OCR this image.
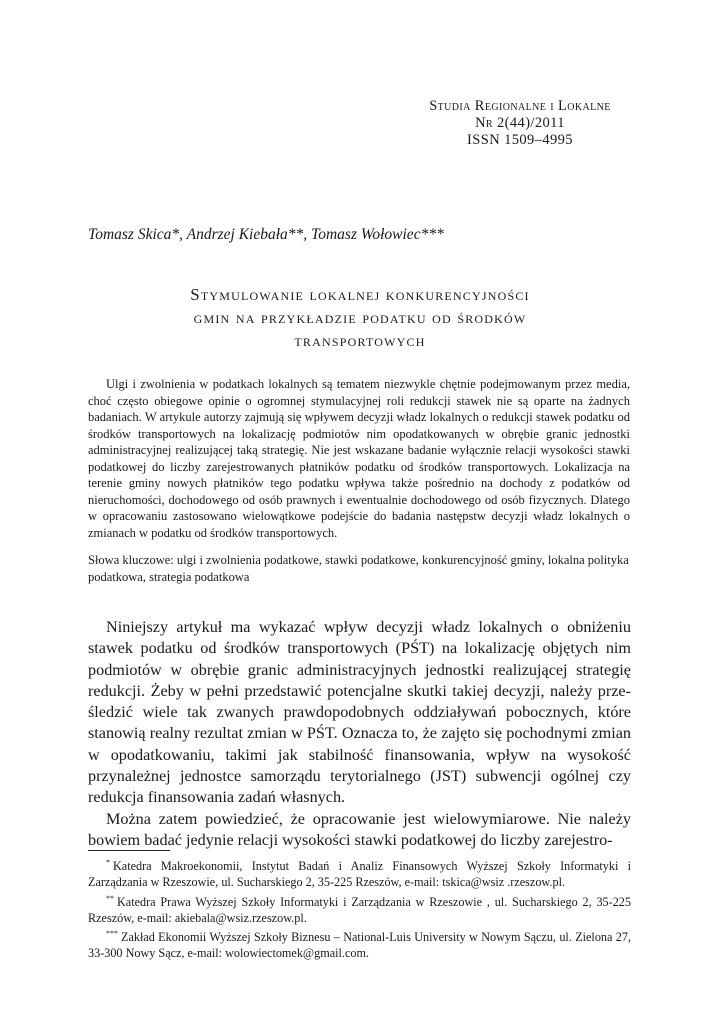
Studia Regionalne i Lokalne
Nr 2(44)/2011
ISSN 1509–4995
Tomasz Skica*, Andrzej Kiebała**, Tomasz Wołowiec***
Stymulowanie lokalnej konkurencyjności
gmin na przykładzie podatku od środków
transportowych

Ulgi i zwolnienia w podatkach lokalnych są tematem niezwykle chętnie podejmowanym przez media, choć często obiegowe opinie o ogromnej stymulacyjnej roli redukcji stawek nie są oparte na żadnych badaniach. W artykule autorzy zajmują się wpływem decyzji władz lokalnych o redukcji stawek podatku od środków transportowych na lokalizację podmiotów nim opodatkowanych w obrębie granic jednostki administracyjnej realizującej taką strategię. Nie jest wskazane badanie wyłącznie relacji wysokości stawki podatkowej do liczby zarejestrowanych płatników podatku od środków transportowych. Lokalizacja na terenie gminy nowych płatników tego podatku wpływa także pośrednio na dochody z podatków od nieruchomości, dochodowego od osób prawnych i ewentualnie dochodowego od osób fizycznych. Dlatego w opracowaniu zastosowano wielowątkowe podejście do badania następstw decyzji władz lokalnych o zmianach w podatku od środków transportowych.

Słowa kluczowe: ulgi i zwolnienia podatkowe, stawki podatkowe, konkurencyjność gminy, lokalna polityka podatkowa, strategia podatkowa

Niniejszy artykuł ma wykazać wpływ decyzji władz lokalnych o obniżeniu stawek podatku od środków transportowych (PŚT) na lokalizację objętych nim podmiotów w obrębie granic administracyjnych jednostki realizującej strategię redukcji. Żeby w pełni przedstawić potencjalne skutki takiej decyzji, należy prześledzić wiele tak zwanych prawdopodobnych oddziaływań pobocznych, które stanowią realny rezultat zmian w PŚT. Oznacza to, że zajęto się pochodnymi zmian w opodatkowaniu, takimi jak stabilność finansowania, wpływ na wysokość przynależnej jednostce samorządu terytorialnego (JST) subwencji ogólnej czy redukcja finansowania zadań własnych.

Można zatem powiedzieć, że opracowanie jest wielowymiarowe. Nie należy bowiem badać jedynie relacji wysokości stawki podatkowej do liczby zarejestro-

* Katedra Makroekonomii, Instytut Badań i Analiz Finansowych Wyższej Szkoły Informatyki i Zarządzania w Rzeszowie, ul. Sucharskiego 2, 35-225 Rzeszów, e-mail: tskica@wsiz .rzeszow.pl.

** Katedra Prawa Wyższej Szkoły Informatyki i Zarządzania w Rzeszowie , ul. Sucharskiego 2, 35-225 Rzeszów, e-mail: akiebala@wsiz.rzeszow.pl.

*** Zakład Ekonomii Wyższej Szkoły Biznesu – National-Luis University w Nowym Sączu, ul. Zielona 27, 33-300 Nowy Sącz, e-mail: wolowiectomek@gmail.com.
